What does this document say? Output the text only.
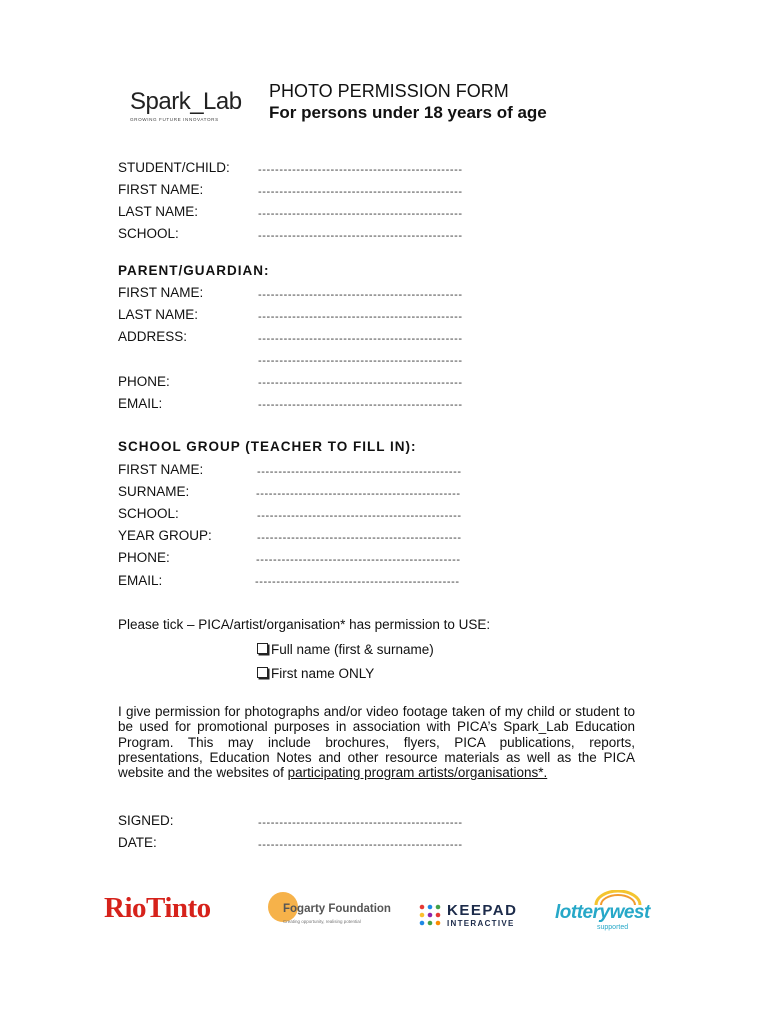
Spark_Lab
GROWING FUTURE INNOVATORS
PHOTO PERMISSION FORM
For persons under 18 years of age
STUDENT/CHILD:	------------------------------------------------
FIRST NAME:	------------------------------------------------
LAST NAME:	------------------------------------------------
SCHOOL:	------------------------------------------------
PARENT/GUARDIAN:
FIRST NAME:	------------------------------------------------
LAST NAME:	------------------------------------------------
ADDRESS:	------------------------------------------------
------------------------------------------------
PHONE:	------------------------------------------------
EMAIL:	------------------------------------------------
SCHOOL GROUP (TEACHER TO FILL IN):
FIRST NAME:	------------------------------------------------
SURNAME:	------------------------------------------------
SCHOOL:	------------------------------------------------
YEAR GROUP:	------------------------------------------------
PHONE:	------------------------------------------------
EMAIL:	------------------------------------------------
Please tick – PICA/artist/organisation* has permission to USE:
Full name (first & surname)
First name ONLY
I give permission for photographs and/or video footage taken of my child or student to be used for promotional purposes in association with PICA’s Spark_Lab Education Program. This may include brochures, flyers, PICA publications, reports, presentations, Education Notes and other resource materials as well as the PICA website and the websites of participating program artists/organisations*.
SIGNED:	------------------------------------------------
DATE:	------------------------------------------------
RioTinto	Fogarty Foundation
Creating opportunity, realising potential
KEEPAD
INTERACTIVE
lotterywest
supported
